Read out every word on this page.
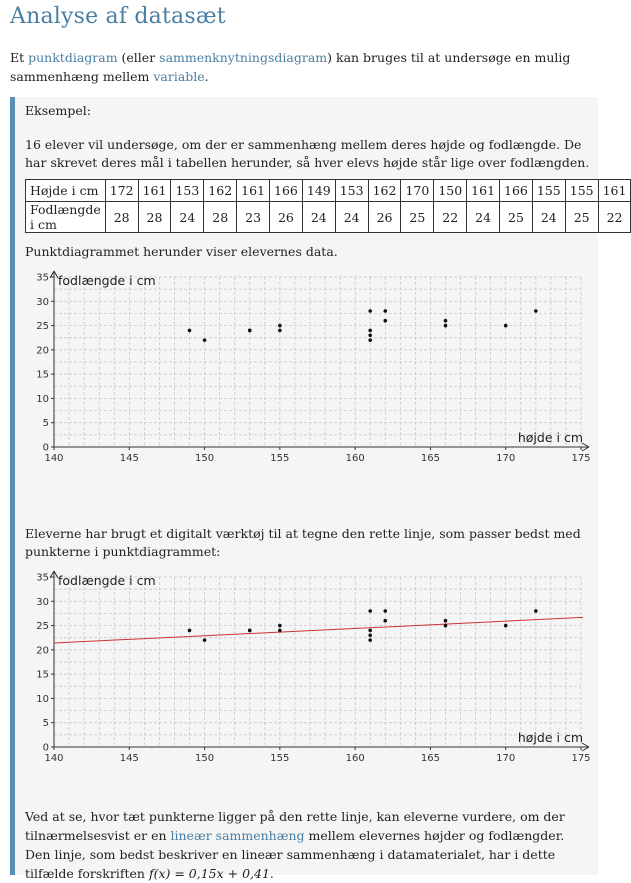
Analyse af datasæt

Et punktdiagram (eller sammenknytningsdiagram) kan bruges til at undersøge en mulig sammenhæng mellem variable.

Eksempel:

16 elever vil undersøge, om der er sammenhæng mellem deres højde og fodlængde. De har skrevet deres mål i tabellen herunder, så hver elevs højde står lige over fodlængden.

Højde i cm	172	161	153	162	161	166	149	153	162	170	150	161	166	155	155	161
Fodlængde i cm	28	28	24	28	23	26	24	24	26	25	22	24	25	24	25	22

Punktdiagrammet herunder viser elevernes data.

140	145	150	155	160	165	170	175
0
5
10
15
20
25
30
35
højde i cm
fodlængde i cm

Eleverne har brugt et digitalt værktøj til at tegne den rette linje, som passer bedst med punkterne i punktdiagrammet:

140	145	150	155	160	165	170	175
0
5
10
15
20
25
30
35
højde i cm
fodlængde i cm

Ved at se, hvor tæt punkterne ligger på den rette linje, kan eleverne vurdere, om der tilnærmelsesvist er en lineær sammenhæng mellem elevernes højder og fodlængder. Den linje, som bedst beskriver en lineær sammenhæng i datamaterialet, har i dette tilfælde forskriften f(x) = 0,15x + 0,41.
